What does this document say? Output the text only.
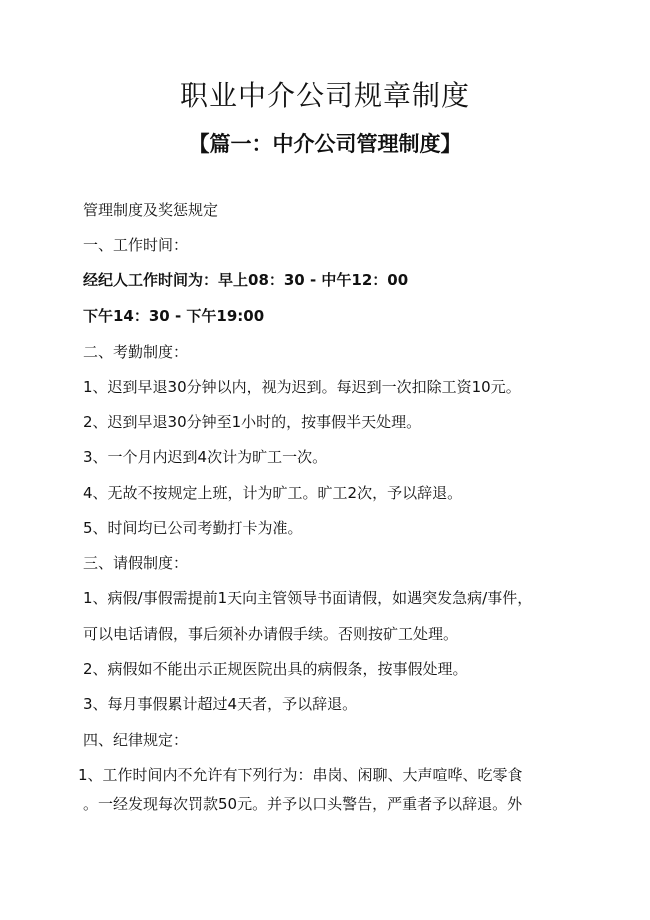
职业中介公司规章制度
【篇一：中介公司管理制度】

管理制度及奖惩规定

一、工作时间：

经纪人工作时间为：早上08：30 - 中午12：00

下午14：30 - 下午19:00

二、考勤制度：

1、迟到早退30分钟以内，视为迟到。每迟到一次扣除工资10元。

2、迟到早退30分钟至1小时的，按事假半天处理。

3、一个月内迟到4次计为旷工一次。

4、无故不按规定上班，计为旷工。旷工2次，予以辞退。

5、时间均已公司考勤打卡为准。

三、请假制度：

1、病假/事假需提前1天向主管领导书面请假，如遇突发急病/事件，

可以电话请假，事后须补办请假手续。否则按矿工处理。

2、病假如不能出示正规医院出具的病假条，按事假处理。

3、每月事假累计超过4天者，予以辞退。

四、纪律规定：

1、工作时间内不允许有下列行为：串岗、闲聊、大声喧哗、吃零食

。一经发现每次罚款50元。并予以口头警告，严重者予以辞退。外
